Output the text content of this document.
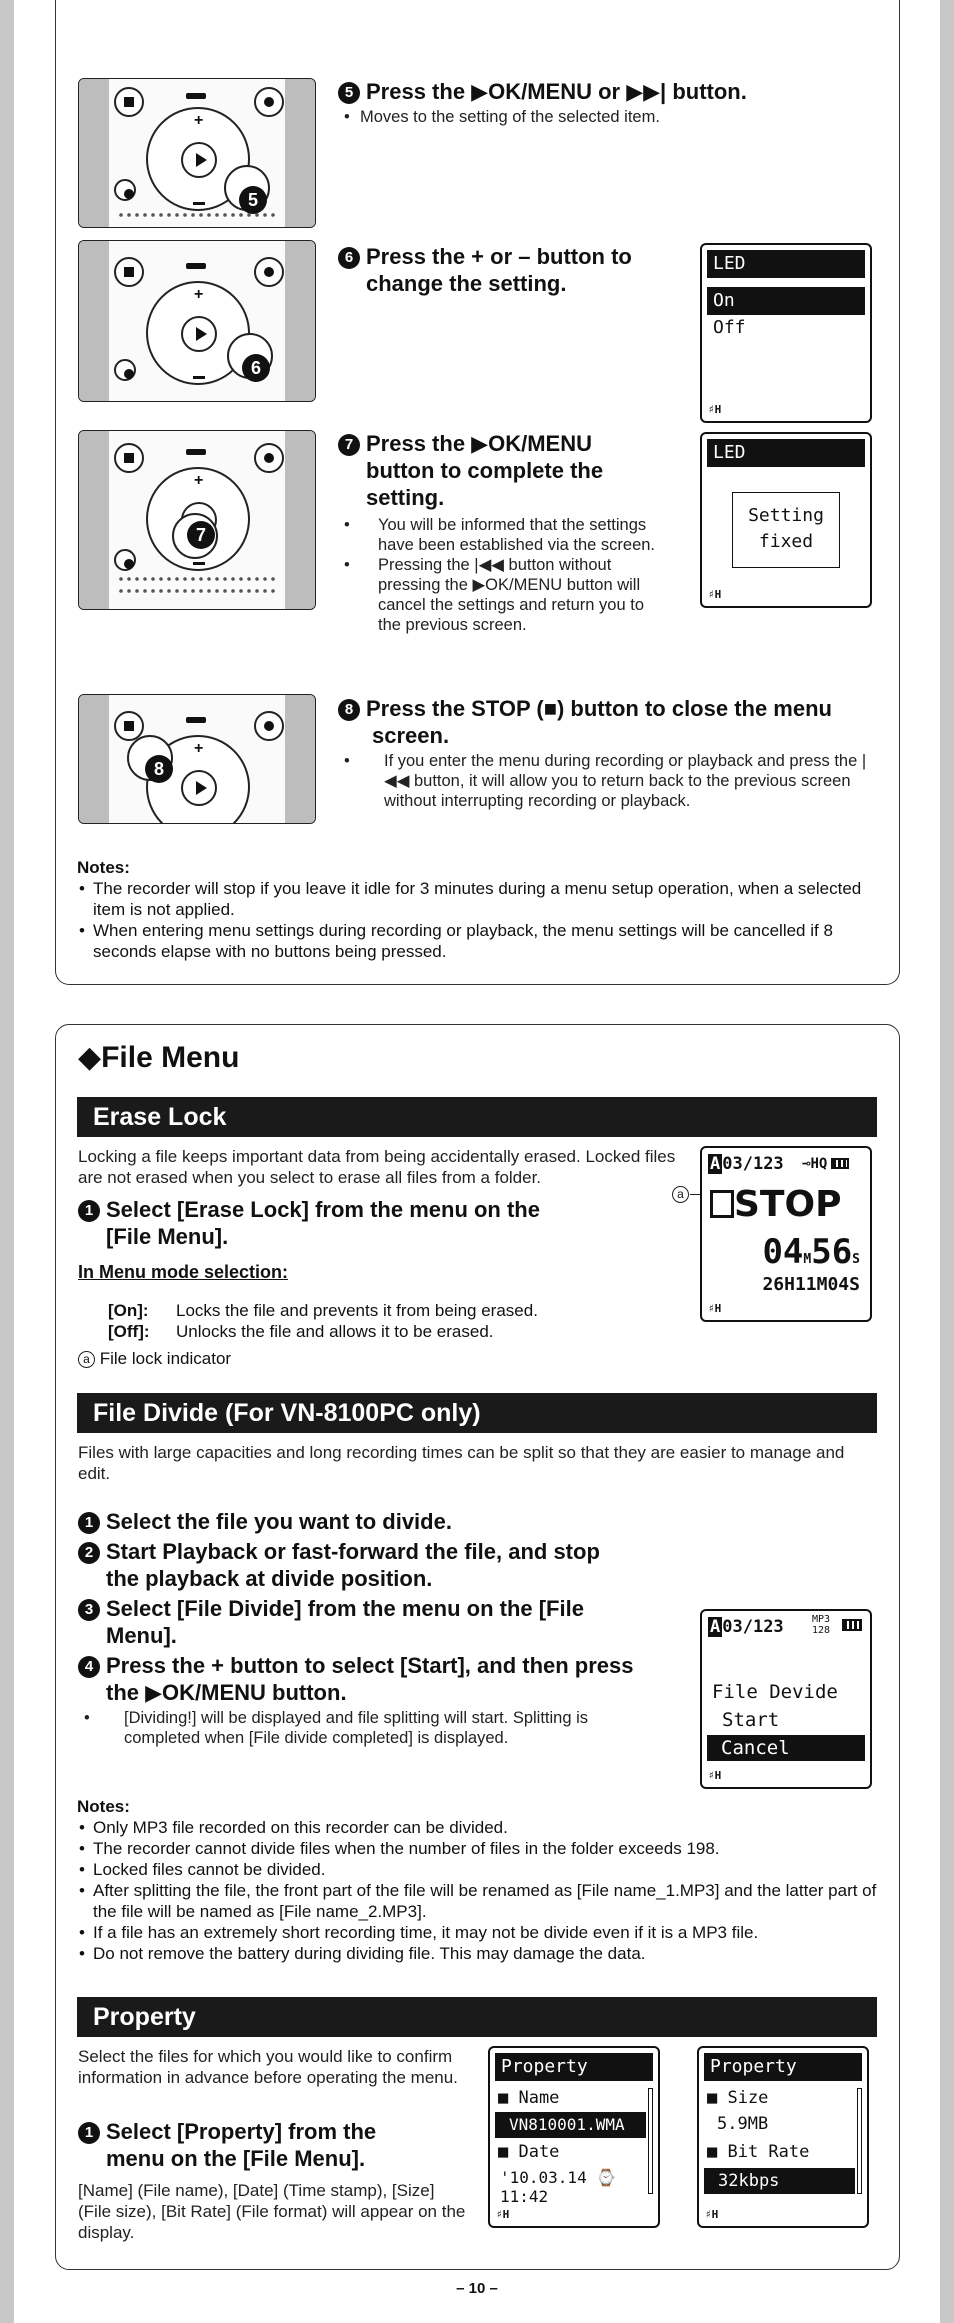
+
5
5 Press the ▶OK/MENU or ▶▶| button.
• Moves to the setting of the selected item.
+
6
6 Press the + or – button to
change the setting.
LED
On
Off
♯H
+
7
7 Press the ▶OK/MENU
button to complete the
setting.
• You will be informed that the settings have been established via the screen.
• Pressing the |◀◀ button without pressing the ▶OK/MENU button will cancel the settings and return you to the previous screen.
LED
Setting
fixed
♯H
+
8
8 Press the STOP (■) button to close the menu
screen.
• If you enter the menu during recording or playback and press the |◀◀ button, it will allow you to return back to the previous screen without interrupting recording or playback.
Notes:
• The recorder will stop if you leave it idle for 3 minutes during a menu setup operation, when a selected item is not applied.
• When entering menu settings during recording or playback, the menu settings will be cancelled if 8 seconds elapse with no buttons being pressed.
◆File Menu
Erase Lock
Locking a file keeps important data from being accidentally erased. Locked files are not erased when you select to erase all files from a folder.
1 Select [Erase Lock] from the menu on the
[File Menu].
In Menu mode selection:
[On]: Locks the file and prevents it from being erased.
[Off]: Unlocks the file and allows it to be erased.
a File lock indicator
a
A 03/123 ⊸HQ
STOP
04M56S
26H11M04S
♯H
File Divide (For VN-8100PC only)
Files with large capacities and long recording times can be split so that they are easier to manage and edit.
1 Select the file you want to divide.
2 Start Playback or fast-forward the file, and stop
the playback at divide position.
3 Select [File Divide] from the menu on the [File
Menu].
4 Press the + button to select [Start], and then press
the ▶OK/MENU button.
• [Dividing!] will be displayed and file splitting will start. Splitting is completed when [File divide completed] is displayed.
A 03/123	MP3
128
File Devide
Start
Cancel
♯H
Notes:
• Only MP3 file recorded on this recorder can be divided.
• The recorder cannot divide files when the number of files in the folder exceeds 198.
• Locked files cannot be divided.
• After splitting the file, the front part of the file will be renamed as [File name_1.MP3] and the latter part of the file will be named as [File name_2.MP3].
• If a file has an extremely short recording time, it may not be divide even if it is a MP3 file.
• Do not remove the battery during dividing file. This may damage the data.
Property
Select the files for which you would like to confirm information in advance before operating the menu.
1 Select [Property] from the
menu on the [File Menu].
[Name] (File name), [Date] (Time stamp), [Size] (File size), [Bit Rate] (File format) will appear on the display.
Property
■ Name
VN810001.WMA
■ Date
'10.03.14 ⌚11:42
♯H
Property
■ Size
5.9MB
■ Bit Rate
32kbps
♯H
– 10 –
